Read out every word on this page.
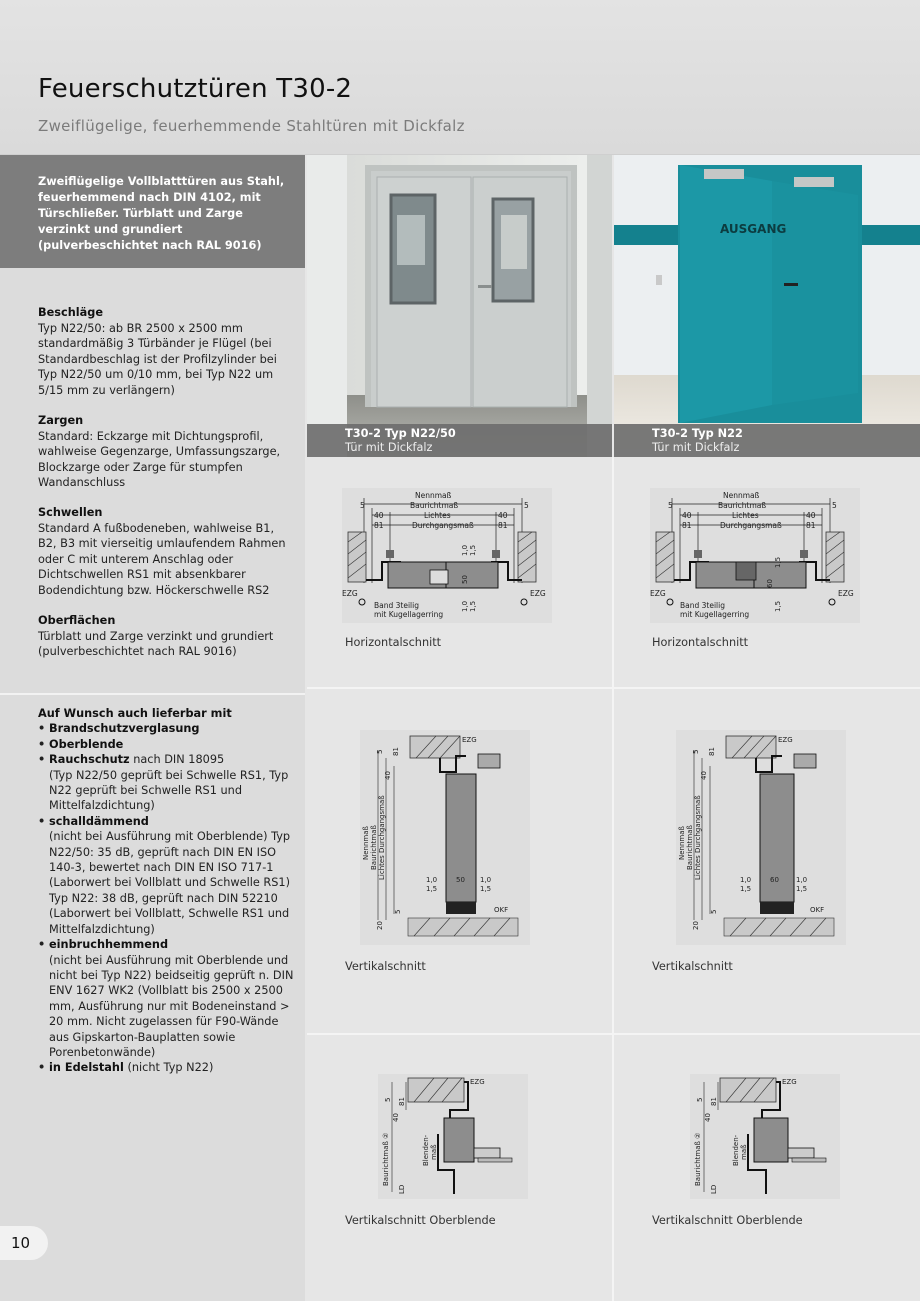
Feuerschutztüren T30-2
Zweiflügelige, feuerhemmende Stahltüren mit Dickfalz
Zweiflügelige Vollblatttüren aus Stahl, feuerhemmend nach DIN 4102, mit Türschließer. Türblatt und Zarge verzinkt und grundiert (pulverbeschichtet nach RAL 9016)
Beschläge

Typ N22/50: ab BR 2500 x 2500 mm standardmäßig 3 Türbänder je Flügel (bei Standardbeschlag ist der Profilzylinder bei Typ N22/50 um 0/10 mm, bei Typ N22 um 5/15 mm zu verlängern)

Zargen

Standard: Eckzarge mit Dichtungsprofil, wahlweise Gegenzarge, Umfassungszarge, Blockzarge oder Zarge für stumpfen Wandanschluss

Schwellen

Standard A fußbodeneben, wahlweise B1, B2, B3 mit vierseitig umlaufendem Rahmen oder C mit unterem Anschlag oder Dichtschwellen RS1 mit absenkbarer Bodendichtung bzw. Höckerschwelle RS2

Oberflächen

Türblatt und Zarge verzinkt und grundiert (pulverbeschichtet nach RAL 9016)

Auf Wunsch auch lieferbar mit
• Brandschutzverglasung
• Oberblende
• Rauchschutz nach DIN 18095
(Typ N22/50 geprüft bei Schwelle RS1, Typ N22 geprüft bei Schwelle RS1 und Mittelfalzdichtung)
• schalldämmend
(nicht bei Ausführung mit Oberblende) Typ N22/50: 35 dB, geprüft nach DIN EN ISO 140-3, bewertet nach DIN EN ISO 717-1 (Laborwert bei Vollblatt und Schwelle RS1) Typ N22: 38 dB, geprüft nach DIN 52210 (Laborwert bei Vollblatt, Schwelle RS1 und Mittelfalzdichtung)
• einbruchhemmend
(nicht bei Ausführung mit Oberblende und nicht bei Typ N22) beidseitig geprüft n. DIN ENV 1627 WK2 (Vollblatt bis 2500 x 2500 mm, Ausführung nur mit Bodeneinstand > 20 mm. Nicht zugelassen für F90-Wände aus Gipskarton-Bauplatten sowie Porenbetonwände)
• in Edelstahl (nicht Typ N22)
10
T30-2 Typ N22/50
Tür mit Dickfalz
AUSGANG
T30-2 Typ N22
Tür mit Dickfalz
Nennmaß
Baurichtmaß
Lichtes
Durchgangsmaß
5	5
40	40
81	81
1,0 1,5
50
1,0 1,5
EZG	EZG
Band 3teilig
mit Kugellagerring
Horizontalschnitt
Nennmaß
Baurichtmaß
Lichtes
Durchgangsmaß
5	5
40	40
81	81
1,5
60
1,5
EZG	EZG
Band 3teilig
mit Kugellagerring
Horizontalschnitt
Nennmaß Baurichtmaß Lichtes Durchgangsmaß
5 81
40
EZG
1,0
1,5
50 1,0
1,5
OKF
5
20
Vertikalschnitt
Nennmaß Baurichtmaß Lichtes Durchgangsmaß
5 81
40
EZG
1,0
1,5
60 1,0
1,5
OKF
5
20
Vertikalschnitt
5 81
40
Baurichtmaß ②	Blenden- maß
LD
EZG
Vertikalschnitt Oberblende
5 81
40
Baurichtmaß ②	Blenden- maß
LD
EZG
Vertikalschnitt Oberblende
